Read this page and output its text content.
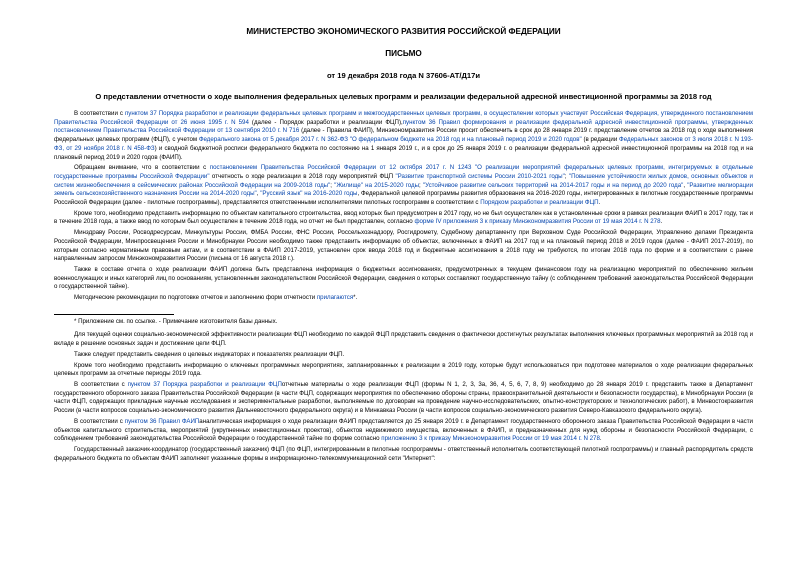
МИНИСТЕРСТВО ЭКОНОМИЧЕСКОГО РАЗВИТИЯ РОССИЙСКОЙ ФЕДЕРАЦИИ
ПИСЬМО
от 19 декабря 2018 года N 37606-АТ/Д17и
О представлении отчетности о ходе выполнения федеральных целевых программ и реализации федеральной адресной инвестиционной программы за 2018 год

В соответствии с пунктом 37 Порядка разработки и реализации федеральных целевых программ и межгосударственных целевых программ, в осуществлении которых участвует Российская Федерация, утвержденного постановлением Правительства Российской Федерации от 26 июня 1995 г. N 594 (далее - Порядок разработки и реализации ФЦП),пунктом 36 Правил формирования и реализации федеральной адресной инвестиционной программы, утвержденных постановлением Правительства Российской Федерации от 13 сентября 2010 г. N 716 (далее - Правила ФАИП), Минэкономразвития России просит обеспечить в срок до 28 января 2019 г. представление отчетов за 2018 год о ходе выполнения федеральных целевых программ (ФЦП), с учетом Федерального закона от 5 декабря 2017 г. N 362-ФЗ "О федеральном бюджете на 2018 год и на плановый период 2019 и 2020 годов" (в редакции Федеральных законов от 3 июля 2018 г. N 193-ФЗ, от 29 ноября 2018 г. N 458-ФЗ) и сводной бюджетной росписи федерального бюджета по состоянию на 1 января 2019 г., и в срок до 25 января 2019 г. о реализации федеральной адресной инвестиционной программы на 2018 год и на плановый период 2019 и 2020 годов (ФАИП).

Обращаем внимание, что в соответствии с постановлением Правительства Российской Федерации от 12 октября 2017 г. N 1243 "О реализации мероприятий федеральных целевых программ, интегрируемых в отдельные государственные программы Российской Федерации" отчетность о ходе реализации в 2018 году мероприятий ФЦП "Развитие транспортной системы России 2010-2021 годы"; "Повышение устойчивости жилых домов, основных объектов и систем жизнеобеспечения в сейсмических районах Российской Федерации на 2009-2018 годы"; "Жилище" на 2015-2020 годы; "Устойчивое развитие сельских территорий на 2014-2017 годы и на период до 2020 года", "Развитие мелиорации земель сельскохозяйственного назначения России на 2014-2020 годы", "Русский язык" на 2016-2020 годы, Федеральной целевой программы развития образования на 2016-2020 годы, интегрированных в пилотные государственные программы Российской Федерации (далее - пилотные госпрограммы), представляется ответственными исполнителями пилотных госпрограмм в соответствии с Порядком разработки и реализации ФЦП.

Кроме того, необходимо представить информацию по объектам капитального строительства, ввод которых был предусмотрен в 2017 году, но не был осуществлен как в установленные сроки в рамках реализации ФАИП в 2017 году, так и в течение 2018 года, а также ввод по которым был осуществлен в течение 2018 года, но отчет не был представлен, согласно форме IV приложения 3 к приказу Минэкономразвития России от 19 мая 2014 г. N 278.

Минздраву России, Росводресурсам, Минкультуры России, ФМБА России, ФНС России, Россельхознадзору, Росгидромету, Судебному департаменту при Верховном Суде Российской Федерации, Управлению делами Президента Российской Федерации, Минпросвещения России и Минобрнауки России необходимо также представить информацию об объектах, включенных в ФАИП на 2017 год и на плановый период 2018 и 2019 годов (далее - ФАИП 2017-2019), по которым согласно нормативным правовым актам, и в соответствии в ФАИП 2017-2019, установлен срок ввода 2018 год и бюджетные ассигнования в 2018 году не требуются, по итогам 2018 года по форме и в соответствии с ранее направленным запросом Минэкономразвития России (письма от 16 августа 2018 г.).

Также в составе отчета о ходе реализации ФАИП должна быть представлена информация о бюджетных ассигнованиях, предусмотренных в текущем финансовом году на реализацию мероприятий по обеспечению жильем военнослужащих и иных категорий лиц по основаниям, установленным законодательством Российской Федерации, сведения о которых составляют государственную тайну (с соблюдением требований законодательства Российской Федерации о государственной тайне).

Методические рекомендации по подготовке отчетов и заполнению форм отчетности прилагаются*.

* Приложение см. по ссылке. - Примечание изготовителя базы данных.

Для текущей оценки социально-экономической эффективности реализации ФЦП необходимо по каждой ФЦП представить сведения о фактически достигнутых результатах выполнения ключевых программных мероприятий за 2018 год и вкладе в решение основных задач и достижение цели ФЦП.

Также следует представить сведения о целевых индикаторах и показателях реализации ФЦП.

Кроме того необходимо представить информацию о ключевых программных мероприятиях, запланированных к реализации в 2019 году, которые будут использоваться при подготовке материалов о ходе реализации федеральных целевых программ за отчетные периоды 2019 года.

В соответствии с пунктом 37 Порядка разработки и реализации ФЦПотчетные материалы о ходе реализации ФЦП (формы N 1, 2, 3, 3а, 36, 4, 5, 6, 7, 8, 9) необходимо до 28 января 2019 г. представить также в Департамент государственного оборонного заказа Правительства Российской Федерации (в части ФЦП, содержащих мероприятия по обеспечению обороны страны, правоохранительной деятельности и безопасности государства), в Минобрнауки России (в части ФЦП, содержащих прикладные научные исследования и экспериментальные разработки, выполняемые по договорам на проведение научно-исследовательских, опытно-конструкторских и технологических работ), в Минвостокразвития России (в части вопросов социально-экономического развития Дальневосточного федерального округа) и в Минкавказ России (в части вопросов социально-экономического развития Северо-Кавказского федерального округа).

В соответствии с пунктом 36 Правил ФАИПаналитическая информация о ходе реализации ФАИП представляется до 25 января 2019 г. в Департамент государственного оборонного заказа Правительства Российской Федерации в части объектов капитального строительства, мероприятий (укрупненных инвестиционных проектов), объектов недвижимого имущества, включенных в ФАИП, и предназначенных для нужд обороны и безопасности Российской Федерации, с соблюдением требований законодательства Российской Федерации о государственной тайне по форме согласно приложению 3 к приказу Минэкономразвития России от 19 мая 2014 г. N 278.

Государственный заказчик-координатор (государственный заказчик) ФЦП (по ФЦП, интегрированным в пилотные госпрограммы - ответственный исполнитель соответствующей пилотной госпрограммы) и главный распорядитель средств федерального бюджета по объектам ФАИП заполняет указанные формы в информационно-телекоммуникационной сети "Интернет":
